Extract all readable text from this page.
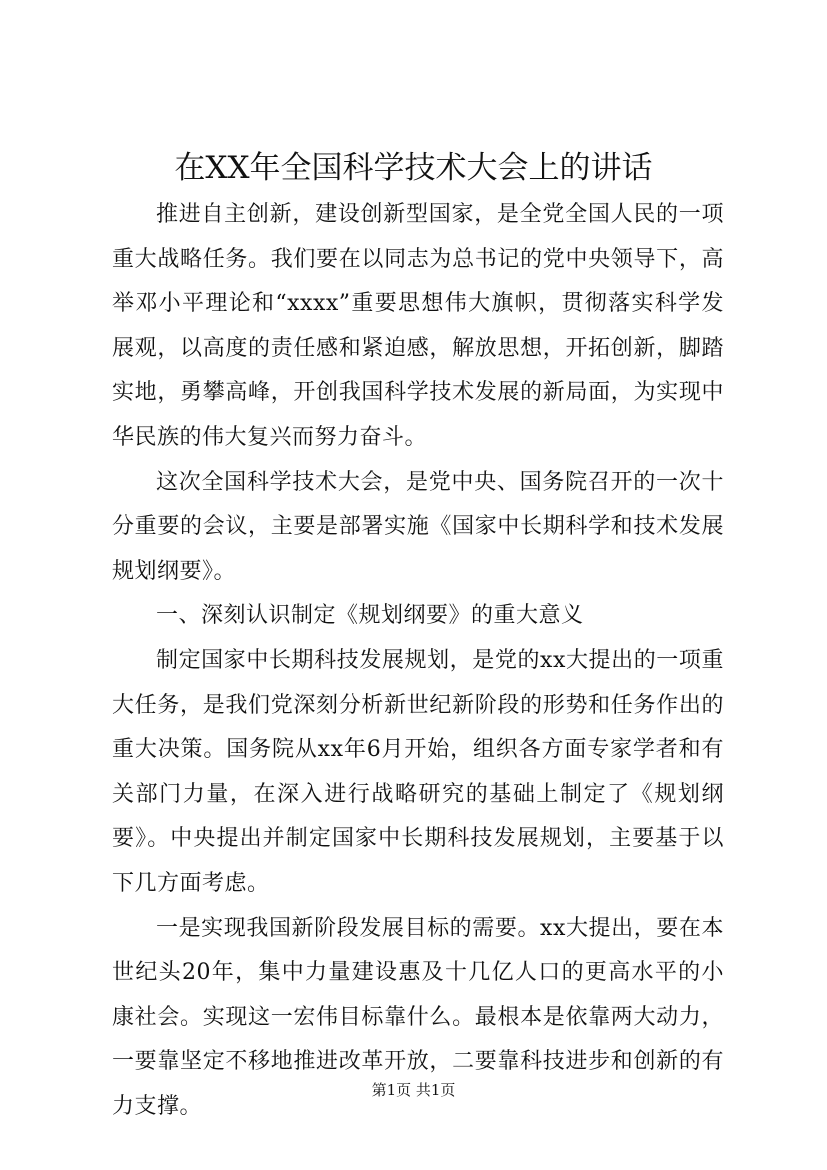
在XX年全国科学技术大会上的讲话

推进自主创新，建设创新型国家，是全党全国人民的一项重大战略任务。我们要在以同志为总书记的党中央领导下，高举邓小平理论和“xxxx”重要思想伟大旗帜，贯彻落实科学发展观，以高度的责任感和紧迫感，解放思想，开拓创新，脚踏实地，勇攀高峰，开创我国科学技术发展的新局面，为实现中华民族的伟大复兴而努力奋斗。

这次全国科学技术大会，是党中央、国务院召开的一次十分重要的会议，主要是部署实施《国家中长期科学和技术发展规划纲要》。

一、深刻认识制定《规划纲要》的重大意义

制定国家中长期科技发展规划，是党的xx大提出的一项重大任务，是我们党深刻分析新世纪新阶段的形势和任务作出的重大决策。国务院从xx年6月开始，组织各方面专家学者和有关部门力量，在深入进行战略研究的基础上制定了《规划纲要》。中央提出并制定国家中长期科技发展规划，主要基于以下几方面考虑。

一是实现我国新阶段发展目标的需要。xx大提出，要在本世纪头20年，集中力量建设惠及十几亿人口的更高水平的小康社会。实现这一宏伟目标靠什么。最根本是依靠两大动力，一要靠坚定不移地推进改革开放，二要靠科技进步和创新的有力支撑。

第1页 共1页
